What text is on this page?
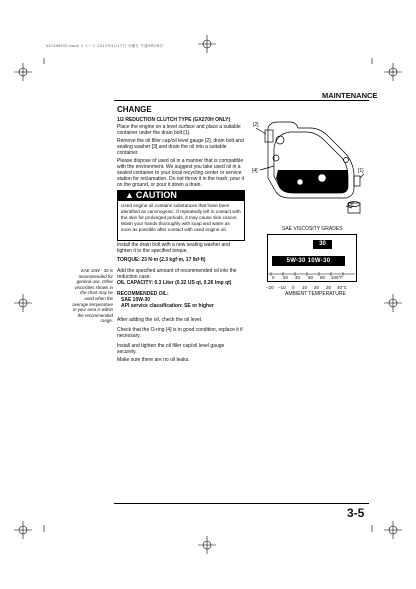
ACCHMSSS.book 3 ページ 2013年9月17日 火曜日 午後5時28分
MAINTENANCE
CHANGE
1/2 REDUCTION CLUTCH TYPE (GX270H ONLY)
Place the engine on a level surface and place a suitable container under the drain bolt [1].
Remove the oil filler cap/oil level gauge [2], drain bolt and sealing washer [3] and drain the oil into a suitable container.
Please dispose of used oil in a manner that is compatible with the environment. We suggest you take used oil in a sealed container to your local recycling center or service station for reclamation. Do not throw it in the trash, pour it on the ground, or pour it down a drain.
▲ CAUTION
Used engine oil contains substances that have been identified as carcinogenic. If repeatedly left in contact with the skin for prolonged periods, it may cause skin cancer. Wash your hands thoroughly with soap and water as soon as possible after contact with used engine oil.
Install the drain bolt with a new sealing washer and tighten it to the specified torque.
TORQUE: 23 N·m (2.3 kgf·m, 17 lbf·ft)
Add the specified amount of recommended oil into the reduction case.
OIL CAPACITY: 0.3 Liter (0.32 US qt, 0.26 Imp qt)
RECOMMENDED OIL:
SAE 10W-30
API service classification: SE or higher
After adding the oil, check the oil level.
Check that the O-ring [4] is in good condition, replace it if necessary.
Install and tighten the oil filler cap/oil level gauge securely.
Make sure there are no oil leaks.
SAE 10W - 30 is recommended for general use. Other viscosities shown in the chart may be used when the average temperature in your area is within the recommended range.
[2]
[4]	[1]
[3]
SAE VISCOSITY GRADES
30
5W-30 10W-30
0 20 40 60 80 100°F
−20 −10 0 10 20 30 40°C
AMBIENT TEMPERATURE
3-5
